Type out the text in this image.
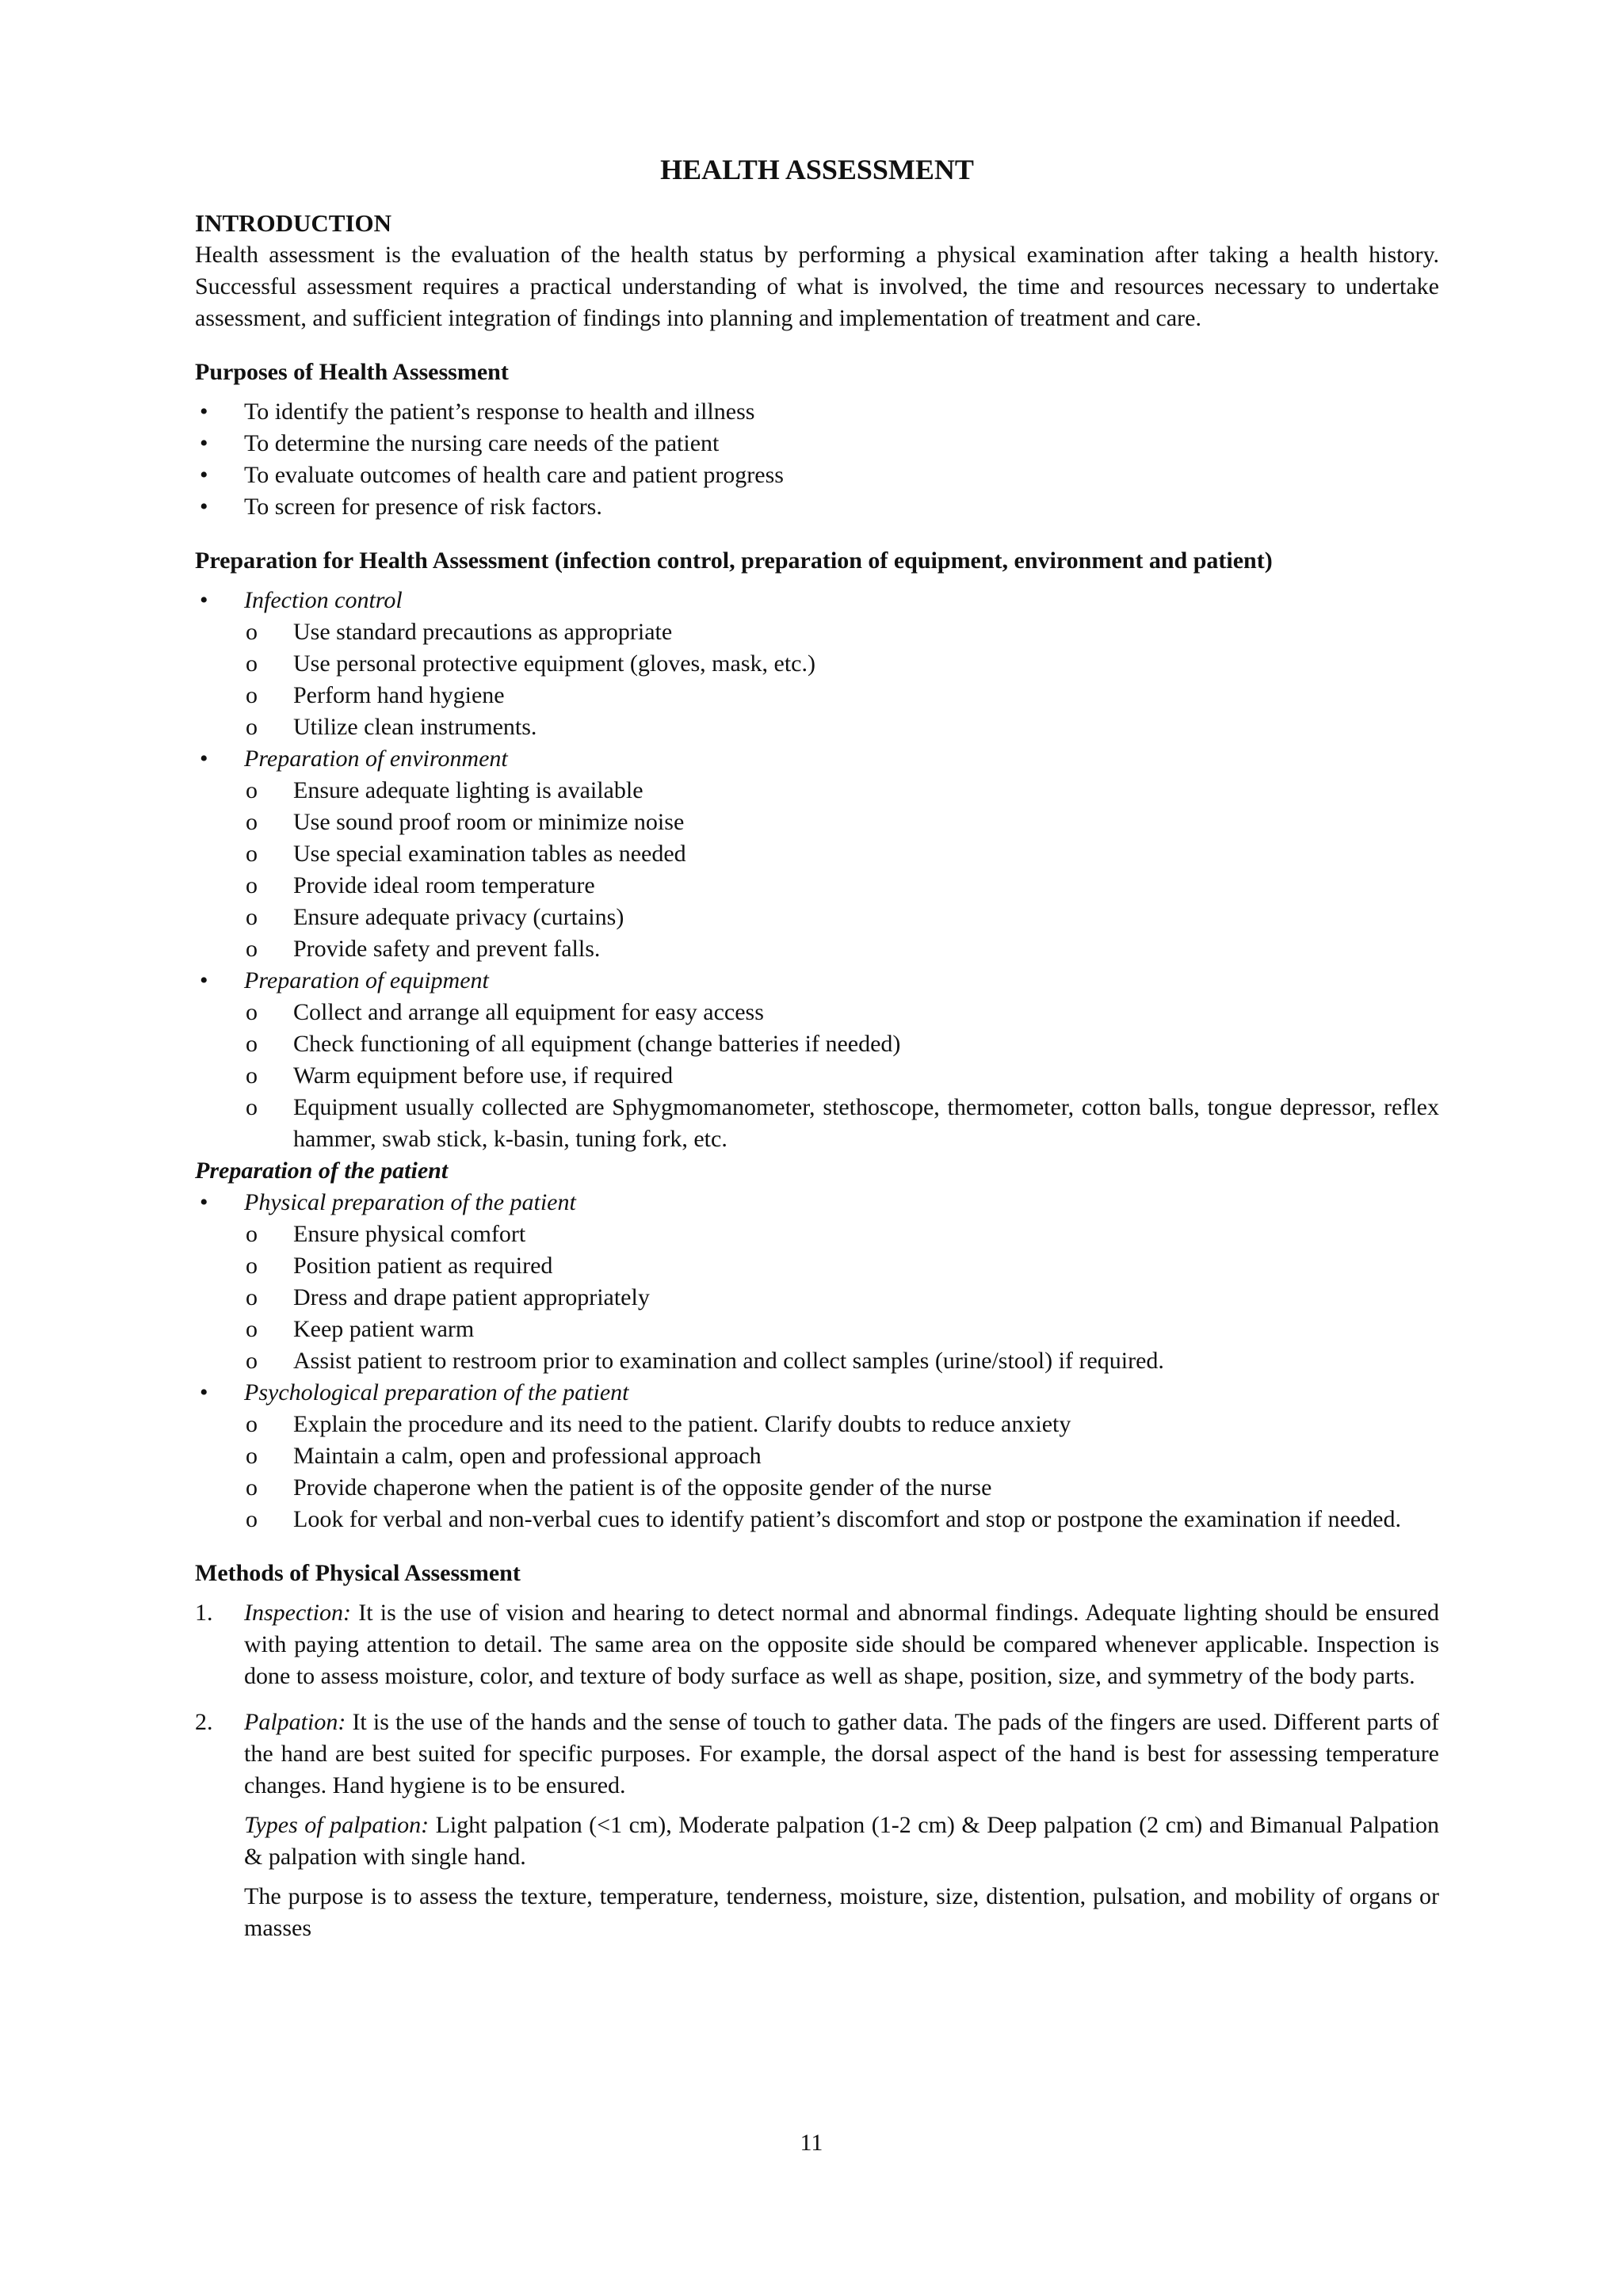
HEALTH ASSESSMENT

INTRODUCTION

Health assessment is the evaluation of the health status by performing a physical examination after taking a health history. Successful assessment requires a practical understanding of what is involved, the time and resources necessary to undertake assessment, and sufficient integration of findings into planning and implementation of treatment and care.

Purposes of Health Assessment

• To identify the patient’s response to health and illness
• To determine the nursing care needs of the patient
• To evaluate outcomes of health care and patient progress
• To screen for presence of risk factors.

Preparation for Health Assessment (infection control, preparation of equipment, environment and patient)

• Infection control
o Use standard precautions as appropriate
o Use personal protective equipment (gloves, mask, etc.)
o Perform hand hygiene
o Utilize clean instruments.
• Preparation of environment
o Ensure adequate lighting is available
o Use sound proof room or minimize noise
o Use special examination tables as needed
o Provide ideal room temperature
o Ensure adequate privacy (curtains)
o Provide safety and prevent falls.
• Preparation of equipment
o Collect and arrange all equipment for easy access
o Check functioning of all equipment (change batteries if needed)
o Warm equipment before use, if required
o Equipment usually collected are Sphygmomanometer, stethoscope, thermometer, cotton balls, tongue depressor, reflex hammer, swab stick, k-basin, tuning fork, etc.

Preparation of the patient

• Physical preparation of the patient
o Ensure physical comfort
o Position patient as required
o Dress and drape patient appropriately
o Keep patient warm
o Assist patient to restroom prior to examination and collect samples (urine/stool) if required.
• Psychological preparation of the patient
o Explain the procedure and its need to the patient. Clarify doubts to reduce anxiety
o Maintain a calm, open and professional approach
o Provide chaperone when the patient is of the opposite gender of the nurse
o Look for verbal and non-verbal cues to identify patient’s discomfort and stop or postpone the examination if needed.

Methods of Physical Assessment

1. Inspection: It is the use of vision and hearing to detect normal and abnormal findings. Adequate lighting should be ensured with paying attention to detail. The same area on the opposite side should be compared whenever applicable. Inspection is done to assess moisture, color, and texture of body surface as well as shape, position, size, and symmetry of the body parts.
2. Palpation: It is the use of the hands and the sense of touch to gather data. The pads of the fingers are used. Different parts of the hand are best suited for specific purposes. For example, the dorsal aspect of the hand is best for assessing temperature changes. Hand hygiene is to be ensured.

Types of palpation: Light palpation (<1 cm), Moderate palpation (1-2 cm) & Deep palpation (2 cm) and Bimanual Palpation & palpation with single hand.

The purpose is to assess the texture, temperature, tenderness, moisture, size, distention, pulsation, and mobility of organs or masses

11
